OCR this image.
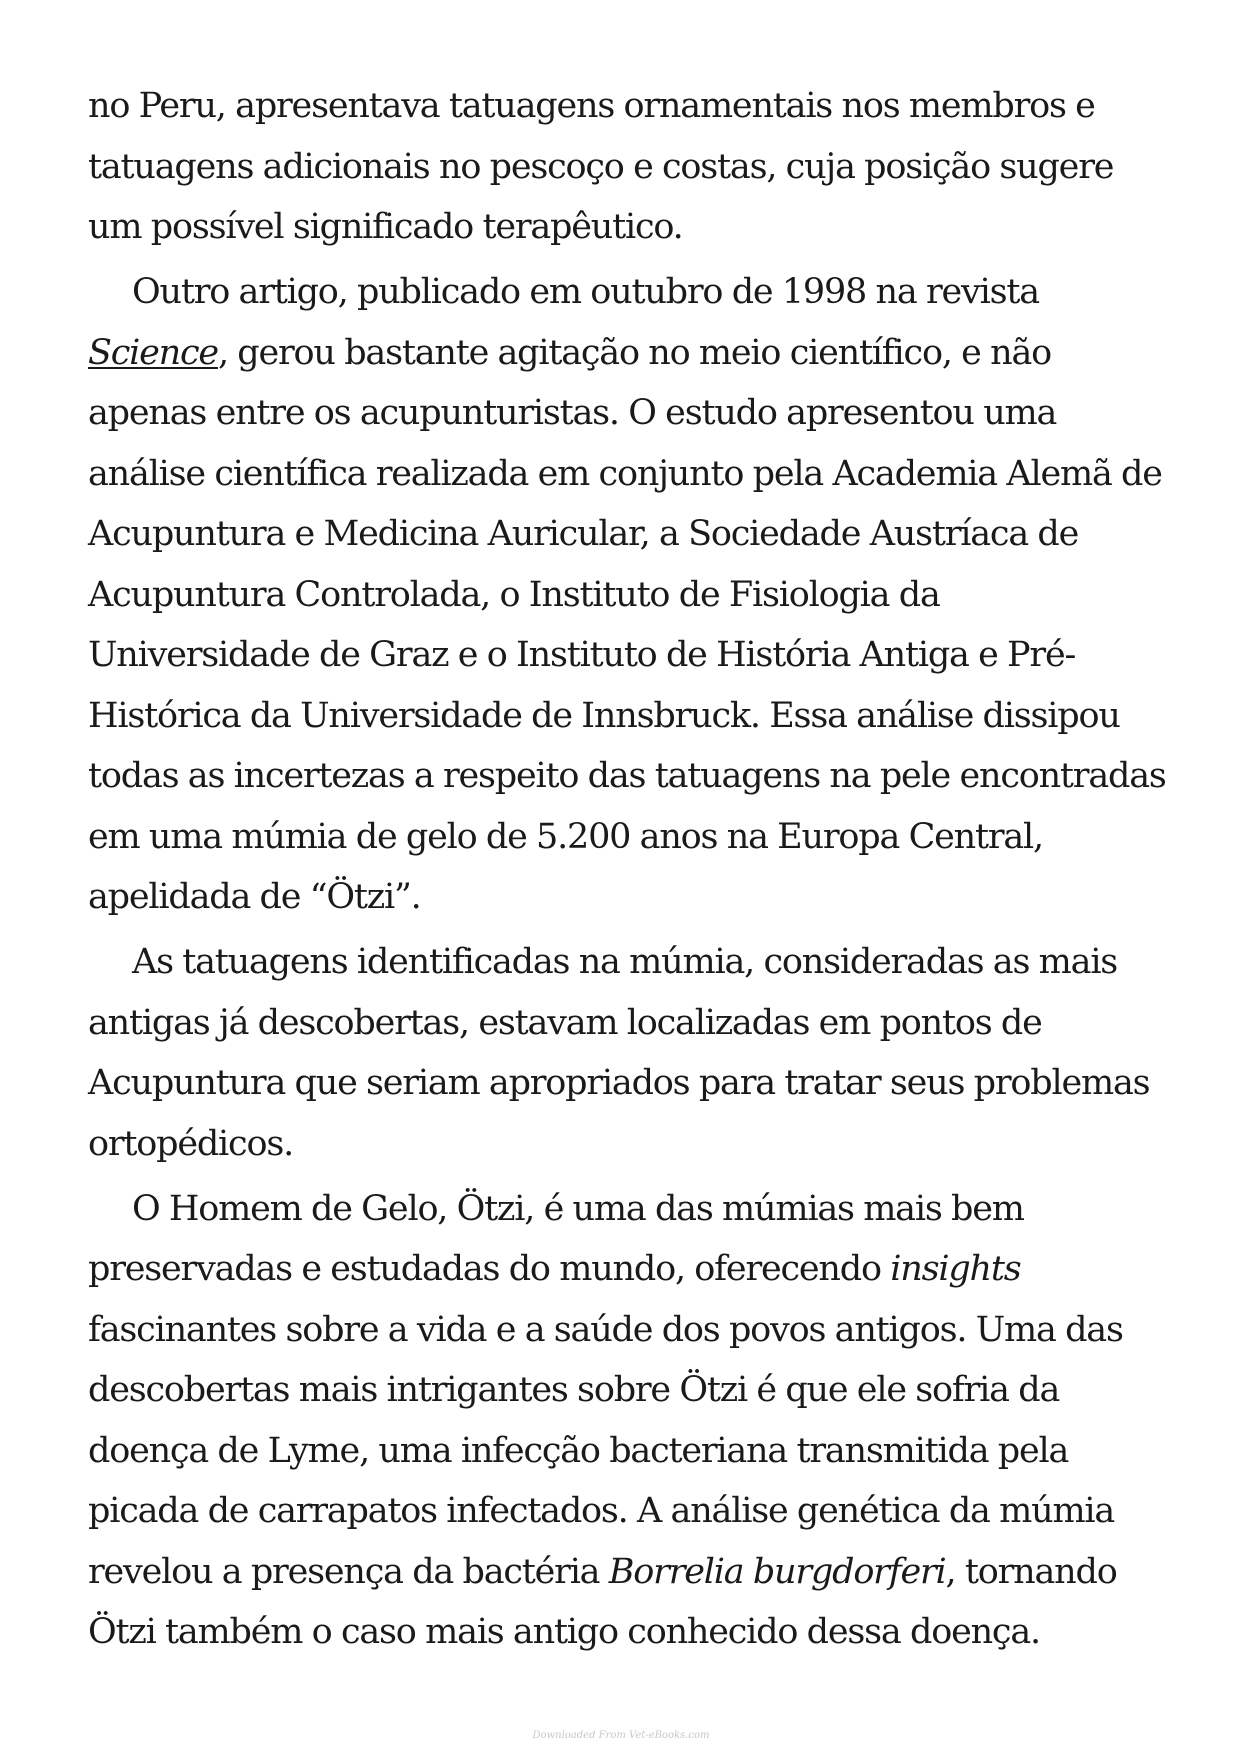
no Peru, apresentava tatuagens ornamentais nos membros e
tatuagens adicionais no pescoço e costas, cuja posição sugere
um possível significado terapêutico.

Outro artigo, publicado em outubro de 1998 na revista
Science, gerou bastante agitação no meio científico, e não
apenas entre os acupunturistas. O estudo apresentou uma
análise científica realizada em conjunto pela Academia Alemã de
Acupuntura e Medicina Auricular, a Sociedade Austríaca de
Acupuntura Controlada, o Instituto de Fisiologia da
Universidade de Graz e o Instituto de História Antiga e Pré-
Histórica da Universidade de Innsbruck. Essa análise dissipou
todas as incertezas a respeito das tatuagens na pele encontradas
em uma múmia de gelo de 5.200 anos na Europa Central,
apelidada de “Ötzi”.

As tatuagens identificadas na múmia, consideradas as mais
antigas já descobertas, estavam localizadas em pontos de
Acupuntura que seriam apropriados para tratar seus problemas
ortopédicos.

O Homem de Gelo, Ötzi, é uma das múmias mais bem
preservadas e estudadas do mundo, oferecendo insights
fascinantes sobre a vida e a saúde dos povos antigos. Uma das
descobertas mais intrigantes sobre Ötzi é que ele sofria da
doença de Lyme, uma infecção bacteriana transmitida pela
picada de carrapatos infectados. A análise genética da múmia
revelou a presença da bactéria Borrelia burgdorferi, tornando
Ötzi também o caso mais antigo conhecido dessa doença.

Downloaded From Vet-eBooks.com
